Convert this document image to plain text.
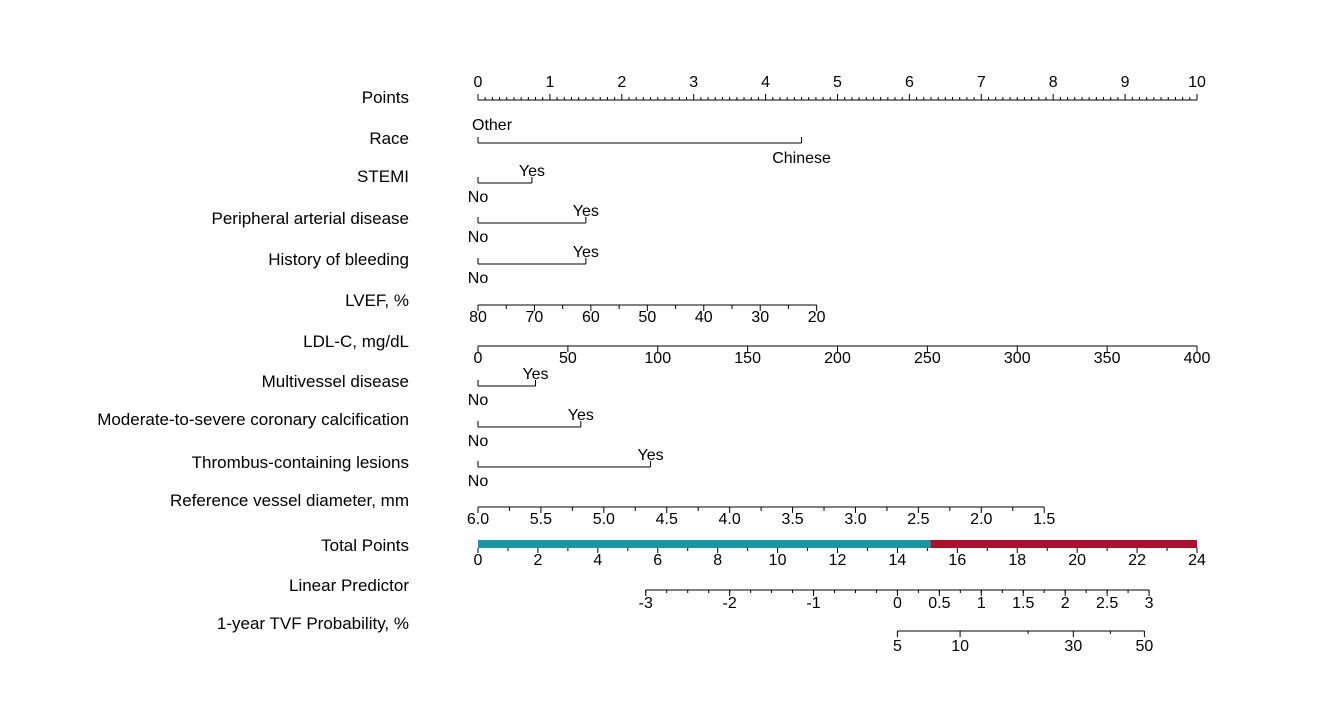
Points
0	1	2	3	4	5	6	7	8	9	10
Race
Other
Chinese
STEMI
No
Yes
Peripheral arterial disease
No
Yes
History of bleeding
No
Yes
LVEF, %
80 70 60 50 40 30 20
LDL-C, mg/dL
0	50	100	150	200	250	300	350	400
Multivessel disease
No
Yes
Moderate-to-severe coronary calcification
No
Yes
Thrombus-containing lesions
No
Yes
Reference vessel diameter, mm
6.0	5.5	5.0	4.5	4.0	3.5	3.0	2.5	2.0	1.5
Total Points
0	2	4	6	8	10	12	14	16	18	20	22	24
Linear Predictor
-3	-2	-1	0 0.5 1 1.5 2 2.5 3
1-year TVF Probability, %
5	10	30	50
